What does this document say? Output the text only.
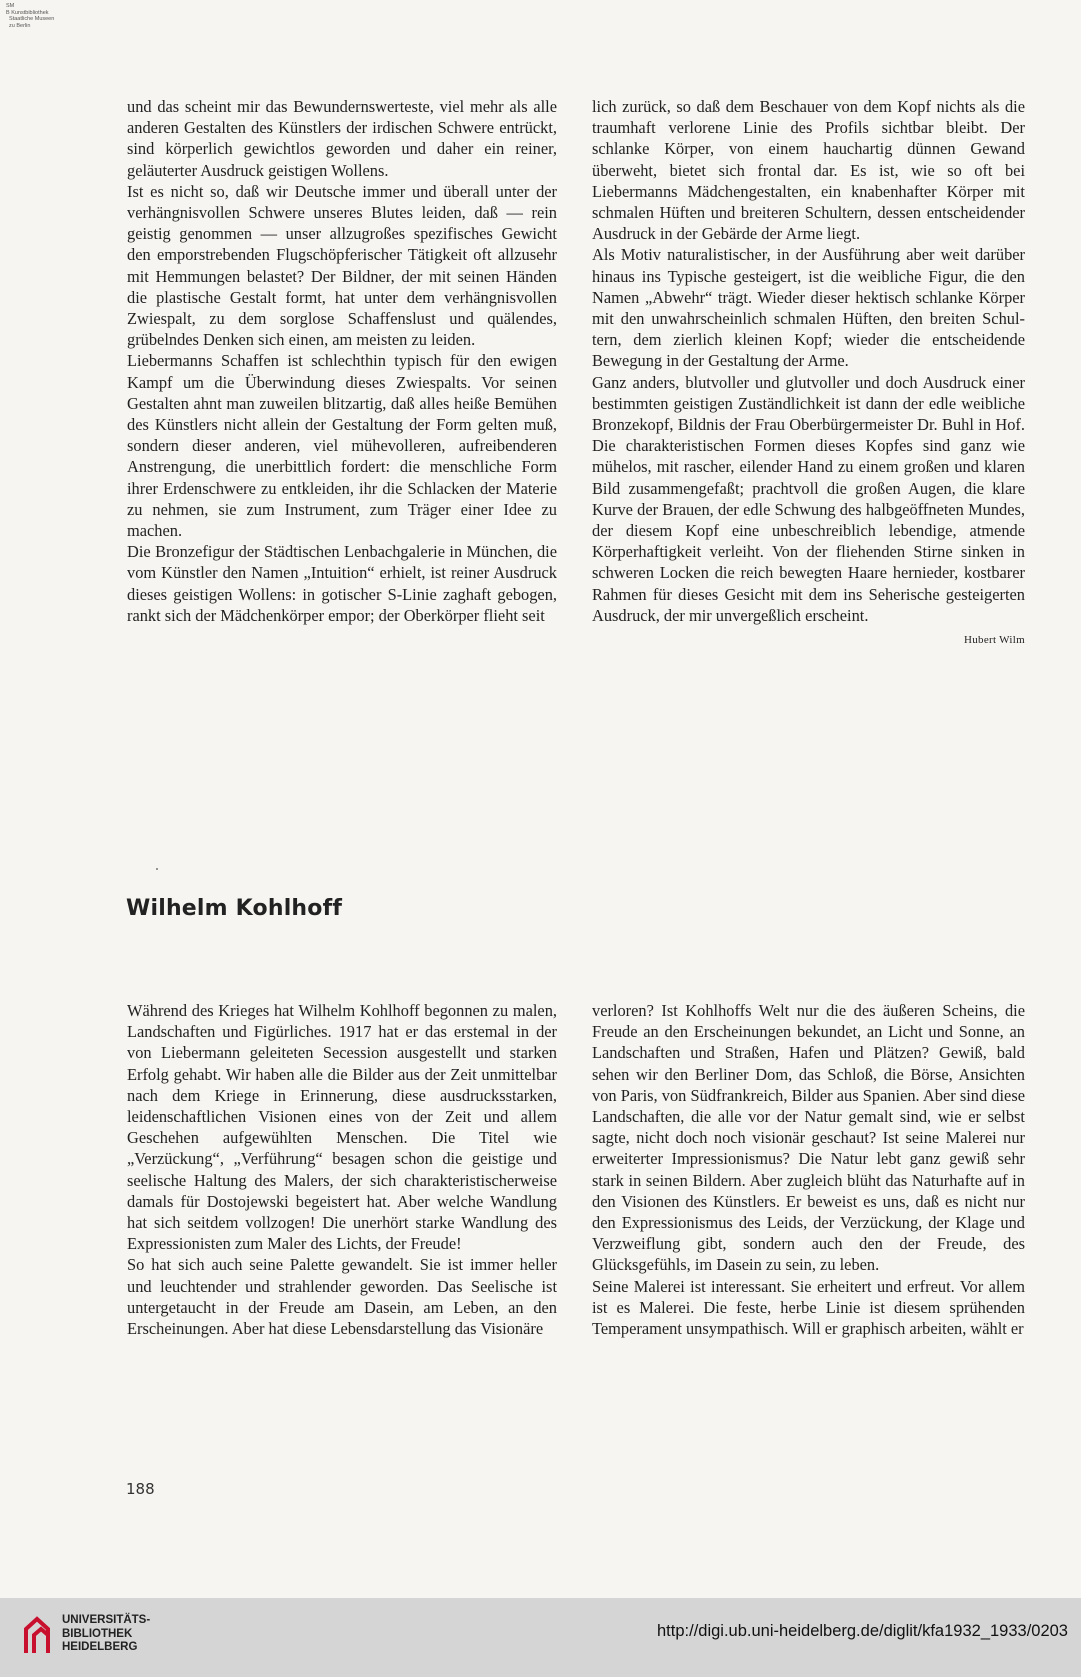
SM
B Kunstbibliothek
Staatliche Museen
zu Berlin

und das scheint mir das Bewundernswerteste, viel mehr als alle anderen Gestalten des Künstlers der irdischen Schwere entrückt, sind körperlich gewichtlos geworden und daher ein reiner, geläuterter Ausdruck geistigen Wollens.

Ist es nicht so, daß wir Deutsche immer und überall unter der verhängnisvollen Schwere unseres Blutes leiden, daß — rein geistig genommen — unser allzugroßes spezifisches Gewicht den emporstrebenden Flugschöpferischer Tätigkeit oft allzusehr mit Hemmungen belastet? Der Bildner, der mit seinen Händen die plastische Gestalt formt, hat unter dem verhängnisvollen Zwiespalt, zu dem sorglose Schaffenslust und quälendes, grübelndes Denken sich einen, am meisten zu leiden.

Liebermanns Schaffen ist schlechthin typisch für den ewigen Kampf um die Überwindung dieses Zwiespalts. Vor seinen Gestalten ahnt man zuweilen blitzartig, daß alles heiße Bemühen des Künstlers nicht allein der Gestaltung der Form gelten muß, sondern dieser anderen, viel mühevolleren, aufreibenderen Anstrengung, die unerbittlich fordert: die menschliche Form ihrer Erdenschwere zu entkleiden, ihr die Schlacken der Materie zu nehmen, sie zum Instrument, zum Träger einer Idee zu machen.

Die Bronzefigur der Städtischen Lenbachgalerie in München, die vom Künstler den Namen „Intuition“ erhielt, ist reiner Ausdruck dieses geistigen Wollens: in gotischer S-Linie zaghaft gebogen, rankt sich der Mädchenkörper empor; der Oberkörper flieht seit

lich zurück, so daß dem Beschauer von dem Kopf nichts als die traumhaft verlorene Linie des Profils sichtbar bleibt. Der schlanke Körper, von einem hauchartig dünnen Gewand überweht, bietet sich frontal dar. Es ist, wie so oft bei Liebermanns Mädchengestalten, ein knabenhafter Körper mit schmalen Hüften und breiteren Schultern, dessen entscheidender Ausdruck in der Gebärde der Arme liegt.

Als Motiv naturalistischer, in der Ausführung aber weit darüber hinaus ins Typische gesteigert, ist die weibliche Figur, die den Namen „Abwehr“ trägt. Wieder dieser hektisch schlanke Körper mit den unwahrscheinlich schmalen Hüften, den breiten Schultern, dem zierlich kleinen Kopf; wieder die entscheidende Bewegung in der Gestaltung der Arme.

Ganz anders, blutvoller und glutvoller und doch Ausdruck einer bestimmten geistigen Zuständlichkeit ist dann der edle weibliche Bronzekopf, Bildnis der Frau Oberbürgermeister Dr. Buhl in Hof. Die charakteristischen Formen dieses Kopfes sind ganz wie mühelos, mit rascher, eilender Hand zu einem großen und klaren Bild zusammengefaßt; prachtvoll die großen Augen, die klare Kurve der Brauen, der edle Schwung des halbgeöffneten Mundes, der diesem Kopf eine unbeschreiblich lebendige, atmende Körperhaftigkeit verleiht. Von der fliehenden Stirne sinken in schweren Locken die reich bewegten Haare hernieder, kostbarer Rahmen für dieses Gesicht mit dem ins Seherische gesteigerten Ausdruck, der mir unvergeßlich erscheint.

Hubert Wilm
Wilhelm Kohlhoff

Während des Krieges hat Wilhelm Kohlhoff begonnen zu malen, Landschaften und Figürliches. 1917 hat er das erstemal in der von Liebermann geleiteten Secession ausgestellt und starken Erfolg gehabt. Wir haben alle die Bilder aus der Zeit unmittelbar nach dem Kriege in Erinnerung, diese ausdrucksstarken, leidenschaftlichen Visionen eines von der Zeit und allem Geschehen aufgewühlten Menschen. Die Titel wie „Verzückung“, „Verführung“ besagen schon die geistige und seelische Haltung des Malers, der sich charakteristischerweise damals für Dostojewski begeistert hat. Aber welche Wandlung hat sich seitdem vollzogen! Die unerhört starke Wandlung des Expressionisten zum Maler des Lichts, der Freude!

So hat sich auch seine Palette gewandelt. Sie ist immer heller und leuchtender und strahlender geworden. Das Seelische ist untergetaucht in der Freude am Dasein, am Leben, an den Erscheinungen. Aber hat diese Lebensdarstellung das Visionäre

verloren? Ist Kohlhoffs Welt nur die des äußeren Scheins, die Freude an den Erscheinungen bekundet, an Licht und Sonne, an Landschaften und Straßen, Hafen und Plätzen? Gewiß, bald sehen wir den Berliner Dom, das Schloß, die Börse, Ansichten von Paris, von Südfrankreich, Bilder aus Spanien. Aber sind diese Landschaften, die alle vor der Natur gemalt sind, wie er selbst sagte, nicht doch noch visionär geschaut? Ist seine Malerei nur erweiterter Impressionismus? Die Natur lebt ganz gewiß sehr stark in seinen Bildern. Aber zugleich blüht das Naturhafte auf in den Visionen des Künstlers. Er beweist es uns, daß es nicht nur den Expressionismus des Leids, der Verzückung, der Klage und Verzweiflung gibt, sondern auch den der Freude, des Glücksgefühls, im Dasein zu sein, zu leben.

Seine Malerei ist interessant. Sie erheitert und erfreut. Vor allem ist es Malerei. Die feste, herbe Linie ist diesem sprühenden Temperament unsympathisch. Will er graphisch arbeiten, wählt er

188
UNIVERSITÄTS-
BIBLIOTHEK
HEIDELBERG
http://digi.ub.uni-heidelberg.de/diglit/kfa1932_1933/0203
